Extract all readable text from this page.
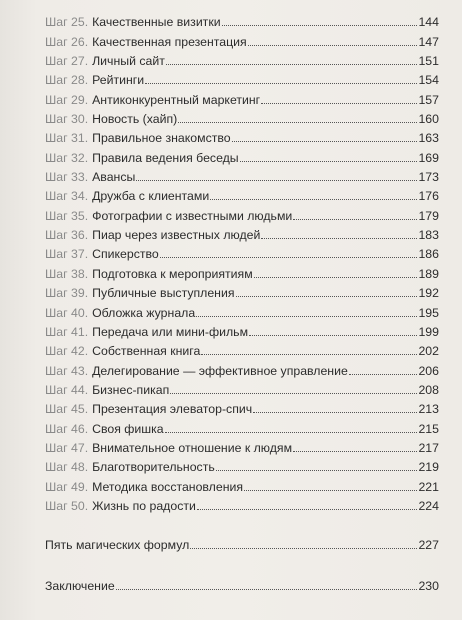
Шаг 25. Качественные визитки	144
Шаг 26. Качественная презентация	147
Шаг 27. Личный сайт	151
Шаг 28. Рейтинги	154
Шаг 29. Антиконкурентный маркетинг	157
Шаг 30. Новость (хайп)	160
Шаг 31. Правильное знакомство	163
Шаг 32. Правила ведения беседы	169
Шаг 33. Авансы	173
Шаг 34. Дружба с клиентами	176
Шаг 35. Фотографии с известными людьми	179
Шаг 36. Пиар через известных людей	183
Шаг 37. Спикерство	186
Шаг 38. Подготовка к мероприятиям	189
Шаг 39. Публичные выступления	192
Шаг 40. Обложка журнала	195
Шаг 41. Передача или мини-фильм	199
Шаг 42. Собственная книга	202
Шаг 43. Делегирование — эффективное управление	206
Шаг 44. Бизнес-пикап	208
Шаг 45. Презентация элеватор-спич	213
Шаг 46. Своя фишка	215
Шаг 47. Внимательное отношение к людям	217
Шаг 48. Благотворительность	219
Шаг 49. Методика восстановления	221
Шаг 50. Жизнь по радости	224
Пять магических формул	227
Заключение	230
